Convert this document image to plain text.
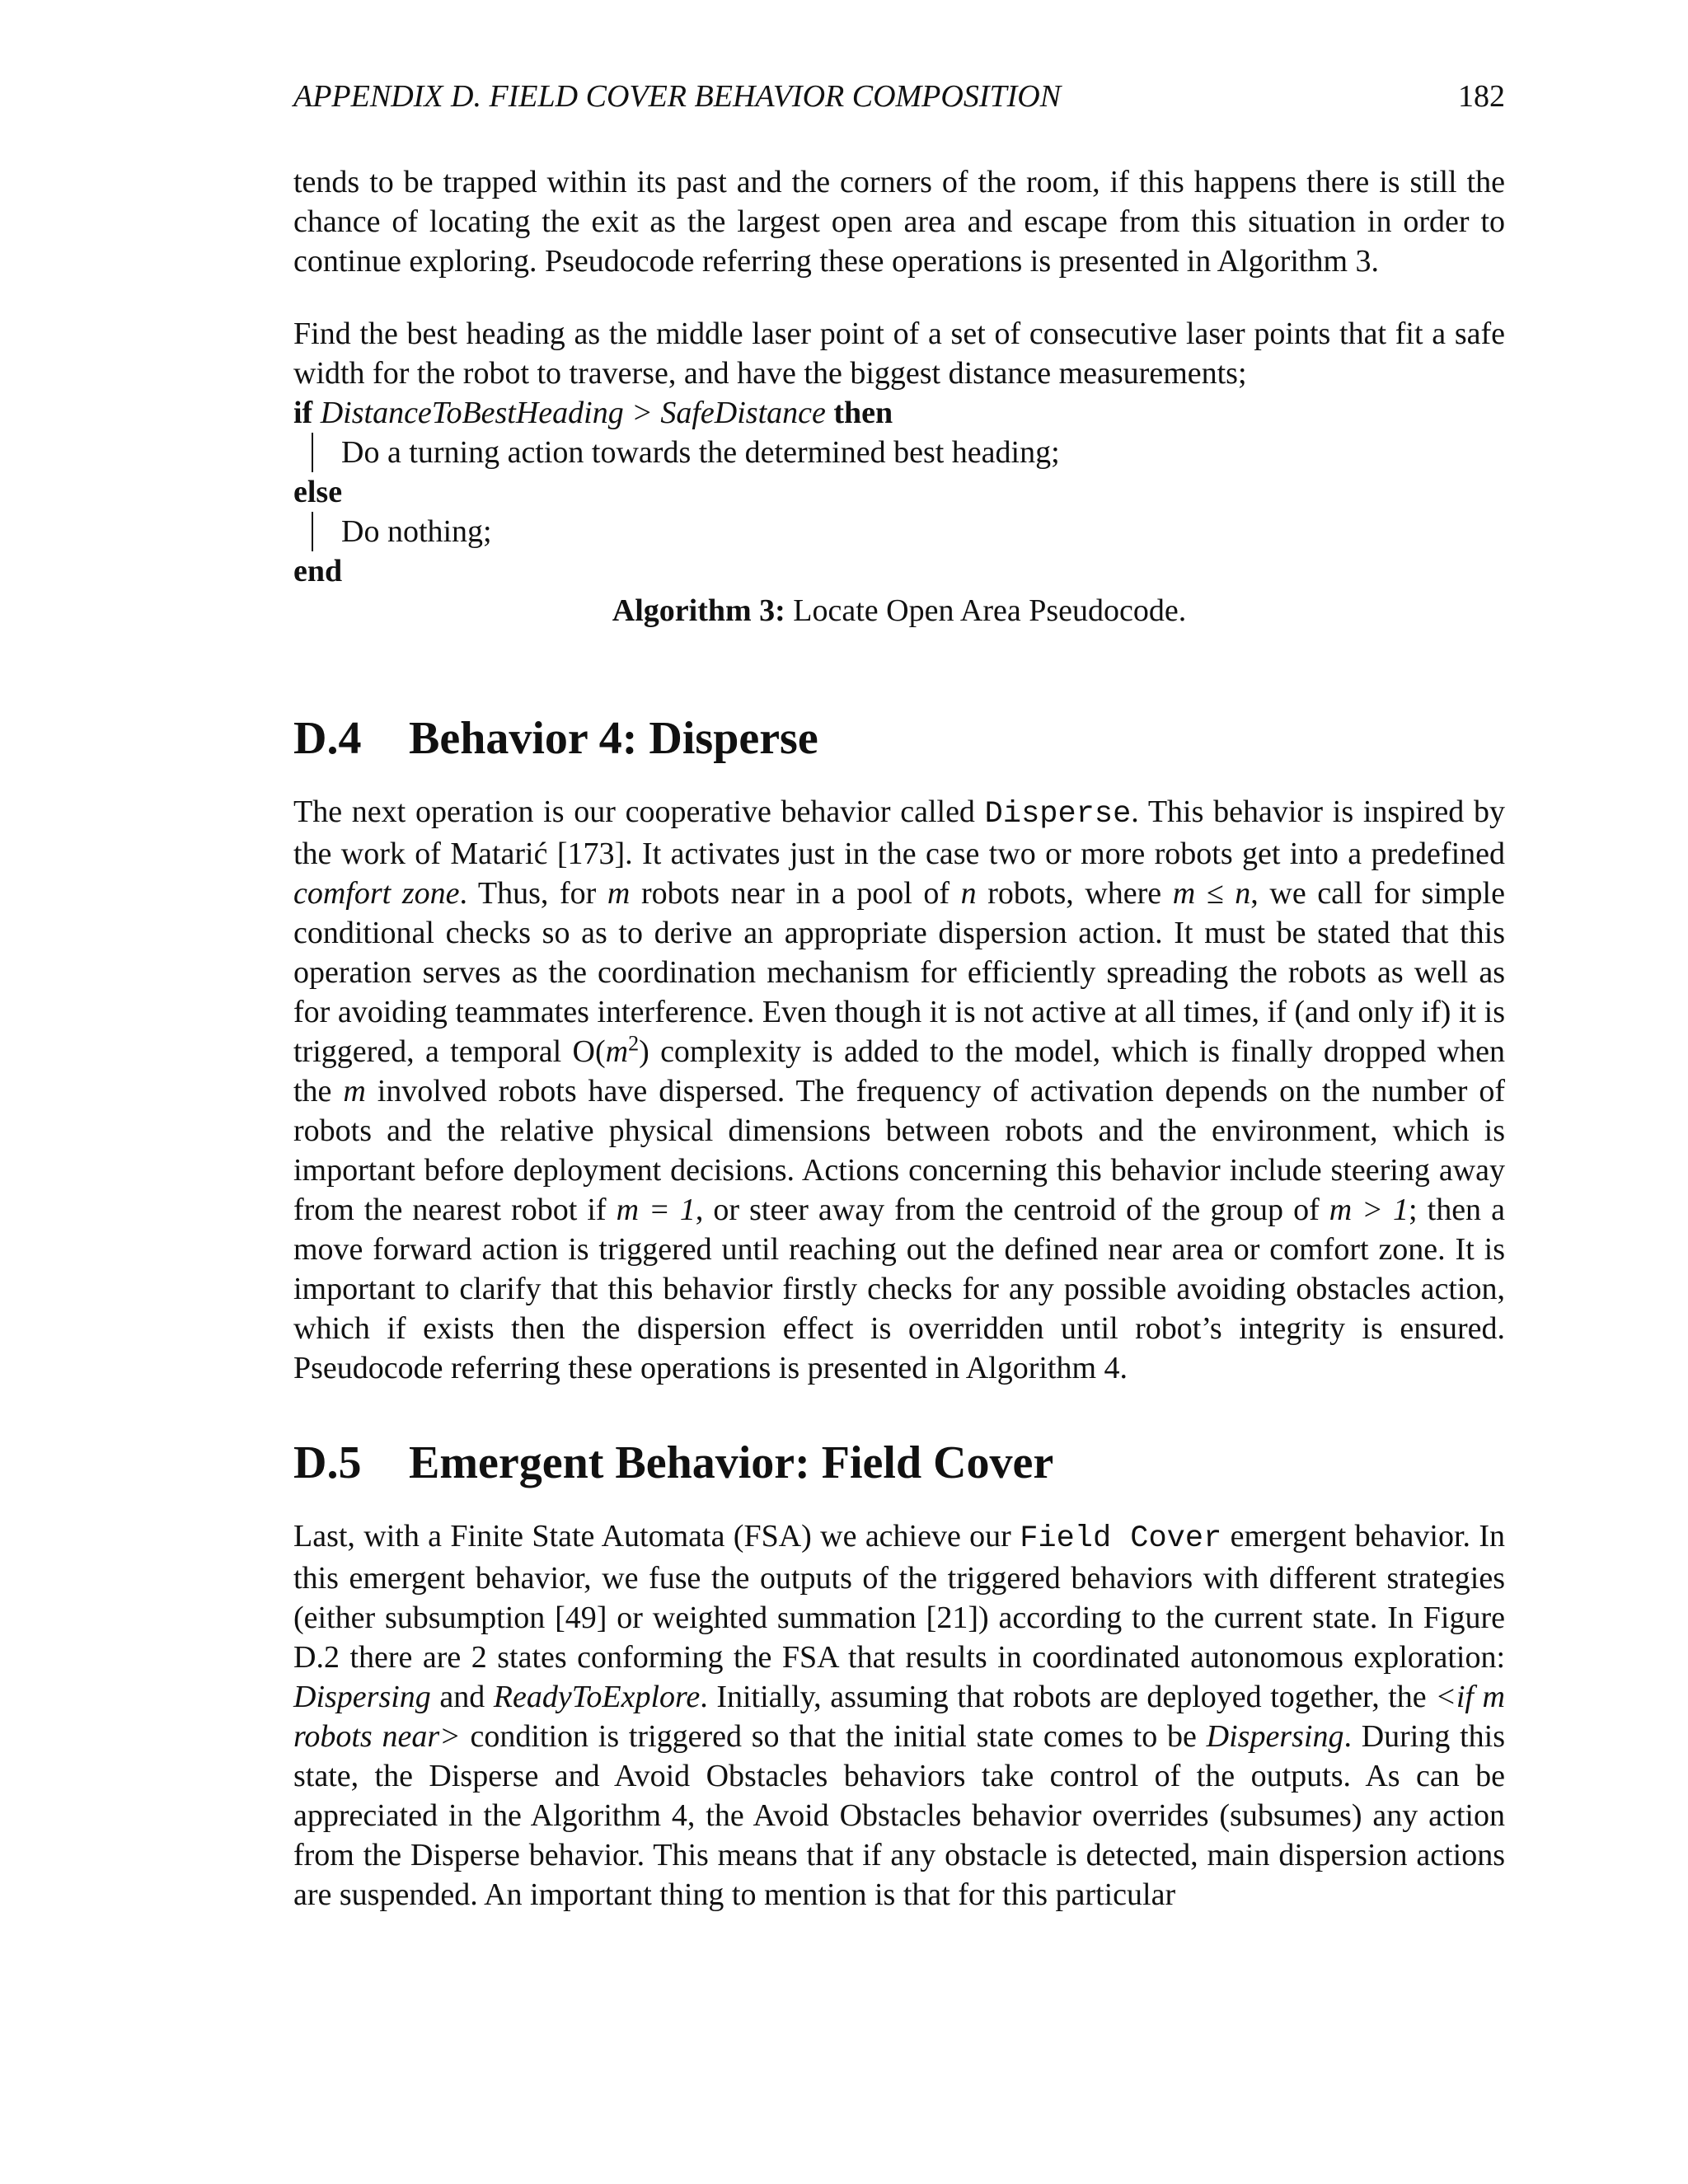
APPENDIX D. FIELD COVER BEHAVIOR COMPOSITION	182

tends to be trapped within its past and the corners of the room, if this happens there is still the chance of locating the exit as the largest open area and escape from this situation in order to continue exploring. Pseudocode referring these operations is presented in Algorithm 3.

Find the best heading as the middle laser point of a set of consecutive laser points that fit a safe width for the robot to traverse, and have the biggest distance measurements;

if DistanceToBestHeading > SafeDistance then
Do a turning action towards the determined best heading;
else
Do nothing;
end
Algorithm 3: Locate Open Area Pseudocode.
D.4 Behavior 4: Disperse

The next operation is our cooperative behavior called Disperse. This behavior is inspired by the work of Matarić [173]. It activates just in the case two or more robots get into a predefined comfort zone. Thus, for m robots near in a pool of n robots, where m ≤ n, we call for simple conditional checks so as to derive an appropriate dispersion action. It must be stated that this operation serves as the coordination mechanism for efficiently spreading the robots as well as for avoiding teammates interference. Even though it is not active at all times, if (and only if) it is triggered, a temporal $O(m^2)$ complexity is added to the model, which is finally dropped when the m involved robots have dispersed. The frequency of activation depends on the number of robots and the relative physical dimensions between robots and the environment, which is important before deployment decisions. Actions concerning this behavior include steering away from the nearest robot if m = 1, or steer away from the centroid of the group of m > 1; then a move forward action is triggered until reaching out the defined near area or comfort zone. It is important to clarify that this behavior firstly checks for any possible avoiding obstacles action, which if exists then the dispersion effect is overridden until robot’s integrity is ensured. Pseudocode referring these operations is presented in Algorithm 4.

D.5 Emergent Behavior: Field Cover

Last, with a Finite State Automata (FSA) we achieve our Field Cover emergent behavior. In this emergent behavior, we fuse the outputs of the triggered behaviors with different strategies (either subsumption [49] or weighted summation [21]) according to the current state. In Figure D.2 there are 2 states conforming the FSA that results in coordinated autonomous exploration: Dispersing and ReadyToExplore. Initially, assuming that robots are deployed together, the <if m robots near> condition is triggered so that the initial state comes to be Dispersing. During this state, the Disperse and Avoid Obstacles behaviors take control of the outputs. As can be appreciated in the Algorithm 4, the Avoid Obstacles behavior overrides (subsumes) any action from the Disperse behavior. This means that if any obstacle is detected, main dispersion actions are suspended. An important thing to mention is that for this particular
